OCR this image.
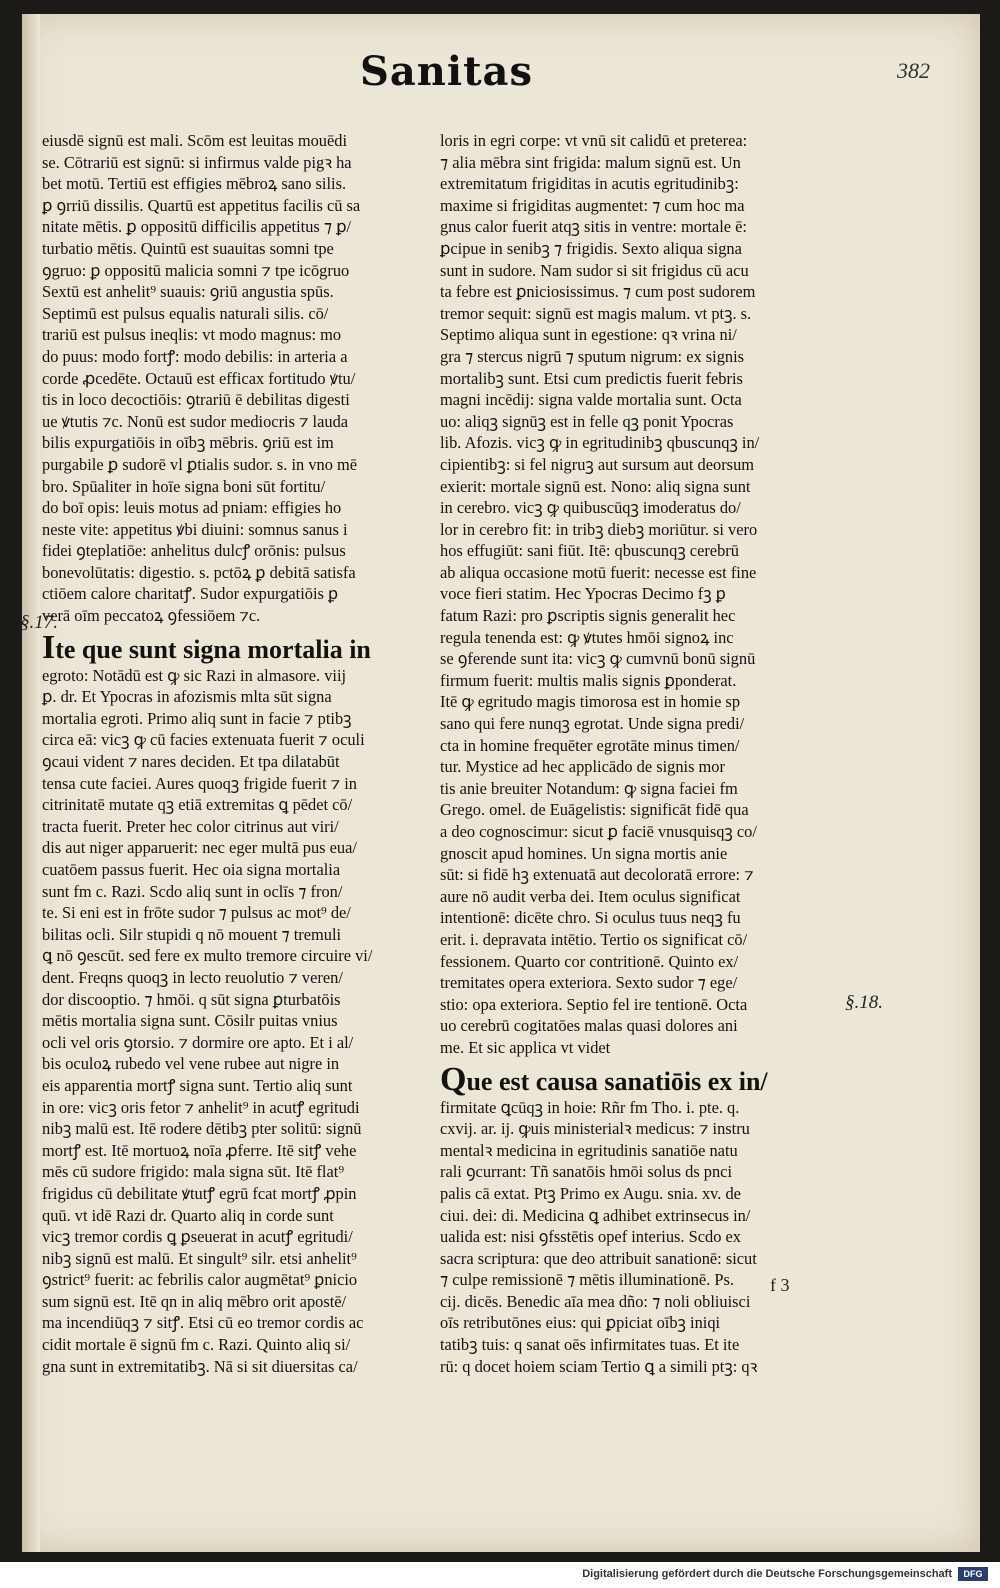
Sanitas	382
eiusdē signū est mali. Scōm est leuitas mouēdi
se. Cōtrariū est signū: si infirmus valde pigꝛ ha
bet motū. Tertiū est effigies mēbroꝝ sano silis.
ꝑ ꝯrriū dissilis. Quartū est appetitus facilis cū sa
nitate mētis. ꝑ oppositū difficilis appetitus ⁊ ꝑ/
turbatio mētis. Quintū est suauitas somni tpe
ꝯgruo: ꝑ oppositū malicia somni ⁊ tpe icōgruo
Sextū est anhelit⁹ suauis: ꝯriū angustia spūs.
Septimū est pulsus equalis naturali silis. cō/
trariū est pulsus ineqlis: vt modo magnus: mo
do puus: modo fortꝭ: modo debilis: in arteria a
corde ꝓcedēte. Octauū est efficax fortitudo ꝟtu/
tis in loco decoctiōis: ꝯtrariū ē debilitas digesti
ue ꝟtutis ⁊c. Nonū est sudor mediocris ⁊ lauda
bilis expurgatiōis in oībꝫ mēbris. ꝯriū est im
purgabile ꝑ sudorē vl ꝑtialis sudor. s. in vno mē
bro. Spūaliter in hoīe signa boni sūt fortitu/
do boī opis: leuis motus ad pniam: effigies ho
neste vite: appetitus ꝟbi diuini: somnus sanus i
fidei ꝯteplatiōe: anhelitus dulcꝭ orōnis: pulsus
bonevolūtatis: digestio. s. pctōꝝ ꝑ debitā satisfa
ctiōem calore charitatꝭ. Sudor expurgatiōis ꝑ
verā oīm peccatoꝝ ꝯfessiōem ⁊c.
Ite que sunt signa mortalia in
egroto: Notādū est ꝙ sic Razi in almasore. viij
ꝑ. dr. Et Ypocras in afozismis mlta sūt signa
mortalia egroti. Primo aliq sunt in facie ⁊ ptibꝫ
circa eā: vicꝫ ꝙ cū facies extenuata fuerit ⁊ oculi
ꝯcaui vident ⁊ nares deciden. Et tpa dilatabūt
tensa cute faciei. Aures quoqꝫ frigide fuerit ⁊ in
citrinitatē mutate qꝫ etiā extremitas ꝗ pēdet cō/
tracta fuerit. Preter hec color citrinus aut viri/
dis aut niger apparuerit: nec eger multā pus eua/
cuatōem passus fuerit. Hec oia signa mortalia
sunt fm c. Razi. Scdo aliq sunt in oclīs ⁊ fron/
te. Si eni est in frōte sudor ⁊ pulsus ac mot⁹ de/
bilitas ocli. Silr stupidi q nō mouent ⁊ tremuli
ꝗ nō ꝯescūt. sed fere ex multo tremore circuire vi/
dent. Freqns quoqꝫ in lecto reuolutio ⁊ veren/
dor discooptio. ⁊ hmōi. q sūt signa ꝑturbatōis
mētis mortalia signa sunt. Cōsilr puitas vnius
ocli vel oris ꝯtorsio. ⁊ dormire ore apto. Et i al/
bis oculoꝝ rubedo vel vene rubee aut nigre in
eis apparentia mortꝭ signa sunt. Tertio aliq sunt
in ore: vicꝫ oris fetor ⁊ anhelit⁹ in acutꝭ egritudi
nibꝫ malū est. Itē rodere dētibꝫ pter solitū: signū
mortꝭ est. Itē mortuoꝝ noīa ꝓferre. Itē sitꝭ vehe
mēs cū sudore frigido: mala signa sūt. Itē flat⁹
frigidus cū debilitate ꝟtutꝭ egrū fcat mortꝭ ꝓpin
quū. vt idē Razi dr. Quarto aliq in corde sunt
vicꝫ tremor cordis ꝗ ꝑseuerat in acutꝭ egritudi/
nibꝫ signū est malū. Et singult⁹ silr. etsi anhelit⁹
ꝯstrict⁹ fuerit: ac febrilis calor augmētat⁹ ꝑnicio
sum signū est. Itē qn in aliq mēbro orit apostē/
ma incendiūqꝫ ⁊ sitꝭ. Etsi cū eo tremor cordis ac
cidit mortale ē signū fm c. Razi. Quinto aliq si/
gna sunt in extremitatibꝫ. Nā si sit diuersitas ca/
loris in egri corpe: vt vnū sit calidū et preterea:
⁊ alia mēbra sint frigida: malum signū est. Un
extremitatum frigiditas in acutis egritudinibꝫ:
maxime si frigiditas augmentet: ⁊ cum hoc ma
gnus calor fuerit atqꝫ sitis in ventre: mortale ē:
ꝑcipue in senibꝫ ⁊ frigidis. Sexto aliqua signa
sunt in sudore. Nam sudor si sit frigidus cū acu
ta febre est ꝑniciosissimus. ⁊ cum post sudorem
tremor sequit: signū est magis malum. vt ptꝫ. s.
Septimo aliqua sunt in egestione: qꝛ vrina ni/
gra ⁊ stercus nigrū ⁊ sputum nigrum: ex signis
mortalibꝫ sunt. Etsi cum predictis fuerit febris
magni incēdij: signa valde mortalia sunt. Octa
uo: aliqꝫ signūꝫ est in felle qꝫ ponit Ypocras
lib. Afozis. vicꝫ ꝙ in egritudinibꝫ qbuscunqꝫ in/
cipientibꝫ: si fel nigruꝫ aut sursum aut deorsum
exierit: mortale signū est. Nono: aliq signa sunt
in cerebro. vicꝫ ꝙ quibuscūqꝫ imoderatus do/
lor in cerebro fit: in tribꝫ diebꝫ moriūtur. si vero
hos effugiūt: sani fiūt. Itē: qbuscunqꝫ cerebrū
ab aliqua occasione motū fuerit: necesse est fine
voce fieri statim. Hec Ypocras Decimo fꝫ ꝑ
fatum Razi: pro ꝑscriptis signis generalit hec
regula tenenda est: ꝙ ꝟtutes hmōi signoꝝ inc
se ꝯferende sunt ita: vicꝫ ꝙ cumvnū bonū signū
firmum fuerit: multis malis signis ꝑponderat.
Itē ꝙ egritudo magis timorosa est in homie sp
sano qui fere nunqꝫ egrotat. Unde signa predi/
cta in homine frequēter egrotāte minus timen/
tur. Mystice ad hec applicādo de signis mor
tis anie breuiter Notandum: ꝙ signa faciei fm
Grego. omel. de Euāgelistis: significāt fidē qua
a deo cognoscimur: sicut ꝑ faciē vnusquisqꝫ co/
gnoscit apud homines. Un signa mortis anie
sūt: si fidē hꝫ extenuatā aut decoloratā errore: ⁊
aure nō audit verba dei. Item oculus significat
intentionē: dicēte chro. Si oculus tuus neqꝫ fu
erit. i. depravata intētio. Tertio os significat cō/
fessionem. Quarto cor contritionē. Quinto ex/
tremitates opera exteriora. Sexto sudor ⁊ ege/
stio: opa exteriora. Septio fel ire tentionē. Octa
uo cerebrū cogitatōes malas quasi dolores ani
me. Et sic applica vt videt
Que est causa sanatiōis ex in/
firmitate ꝗcūqꝫ in hoie: Rñr fm Tho. i. pte. q.
cxvij. ar. ij. ꝙuis ministerialꝛ medicus: ⁊ instru
mentalꝛ medicina in egritudinis sanatiōe natu
rali ꝯcurrant: Tñ sanatōis hmōi solus ds pnci
palis cā extat. Ptꝫ Primo ex Augu. snia. xv. de
ciui. dei: di. Medicina ꝗ adhibet extrinsecus in/
ualida est: nisi ꝯfsstētis opef interius. Scdo ex
sacra scriptura: que deo attribuit sanationē: sicut
⁊ culpe remissionē ⁊ mētis illuminationē. Ps.
cij. dicēs. Benedic aīa mea dño: ⁊ noli obliuisci
oīs retributōnes eius: qui ꝑpiciat oībꝫ iniqi
tatibꝫ tuis: q sanat oēs infirmitates tuas. Et ite
rū: q docet hoiem sciam Tertio ꝗ a simili ptꝫ: qꝛ
§.17.
§.18.
f 3
Digitalisierung gefördert durch die Deutsche Forschungsgemeinschaft	DFG
